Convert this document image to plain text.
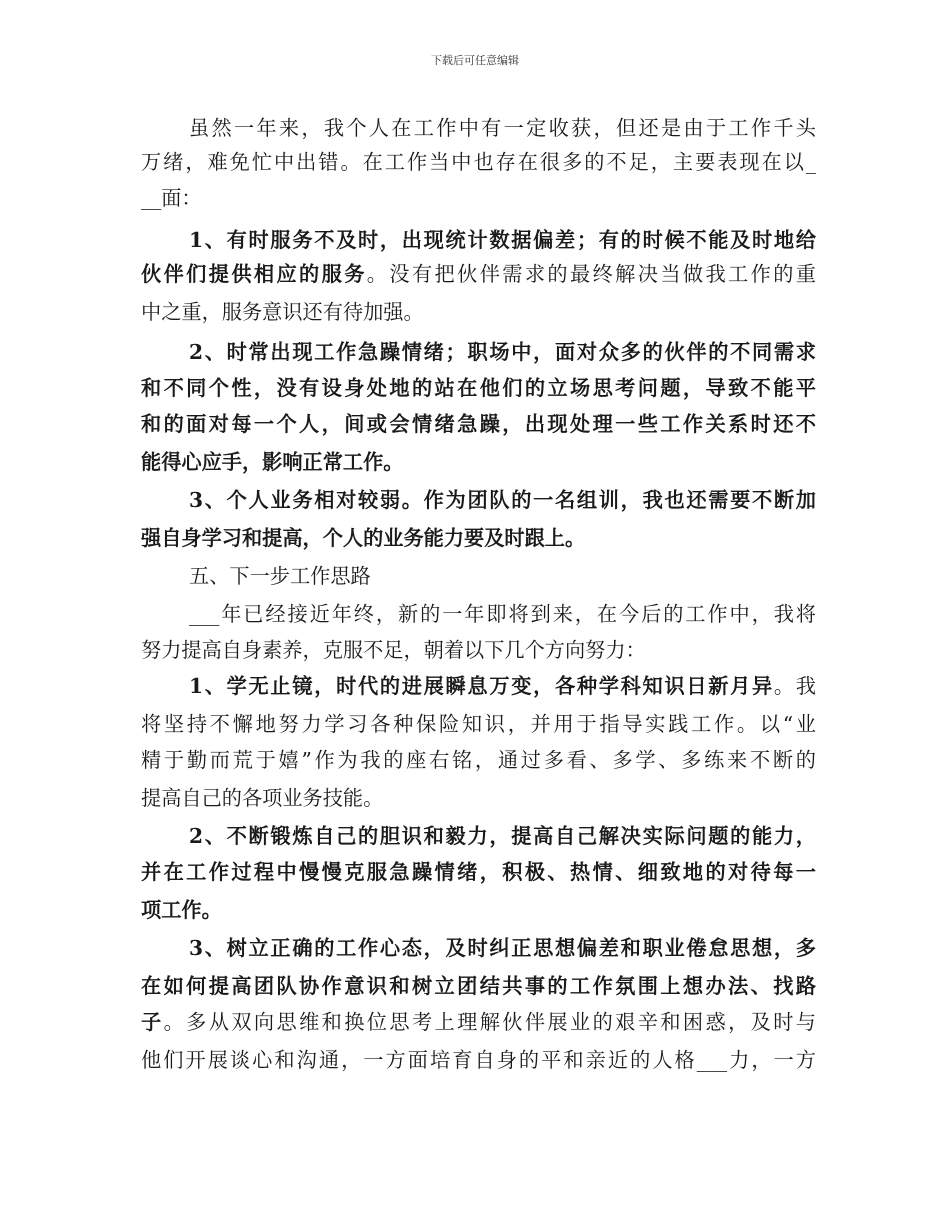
下载后可任意编辑
虽然一年来，我个人在工作中有一定收获，但还是由于工作千头
万绪，难免忙中出错。在工作当中也存在很多的不足，主要表现在以_
__面：
1、有时服务不及时，出现统计数据偏差；有的时候不能及时地给
伙伴们提供相应的服务。没有把伙伴需求的最终解决当做我工作的重
中之重，服务意识还有待加强。
2、时常出现工作急躁情绪；职场中，面对众多的伙伴的不同需求
和不同个性，没有设身处地的站在他们的立场思考问题，导致不能平
和的面对每一个人，间或会情绪急躁，出现处理一些工作关系时还不
能得心应手，影响正常工作。
3、个人业务相对较弱。作为团队的一名组训，我也还需要不断加
强自身学习和提高，个人的业务能力要及时跟上。
五、下一步工作思路
___年已经接近年终，新的一年即将到来，在今后的工作中，我将
努力提高自身素养，克服不足，朝着以下几个方向努力：
1、学无止镜，时代的进展瞬息万变，各种学科知识日新月异。我
将坚持不懈地努力学习各种保险知识，并用于指导实践工作。以“业
精于勤而荒于嬉”作为我的座右铭，通过多看、多学、多练来不断的
提高自己的各项业务技能。
2、不断锻炼自己的胆识和毅力，提高自己解决实际问题的能力，
并在工作过程中慢慢克服急躁情绪，积极、热情、细致地的对待每一
项工作。
3、树立正确的工作心态，及时纠正思想偏差和职业倦怠思想，多
在如何提高团队协作意识和树立团结共事的工作氛围上想办法、找路
子。多从双向思维和换位思考上理解伙伴展业的艰辛和困惑，及时与
他们开展谈心和沟通，一方面培育自身的平和亲近的人格___力，一方
